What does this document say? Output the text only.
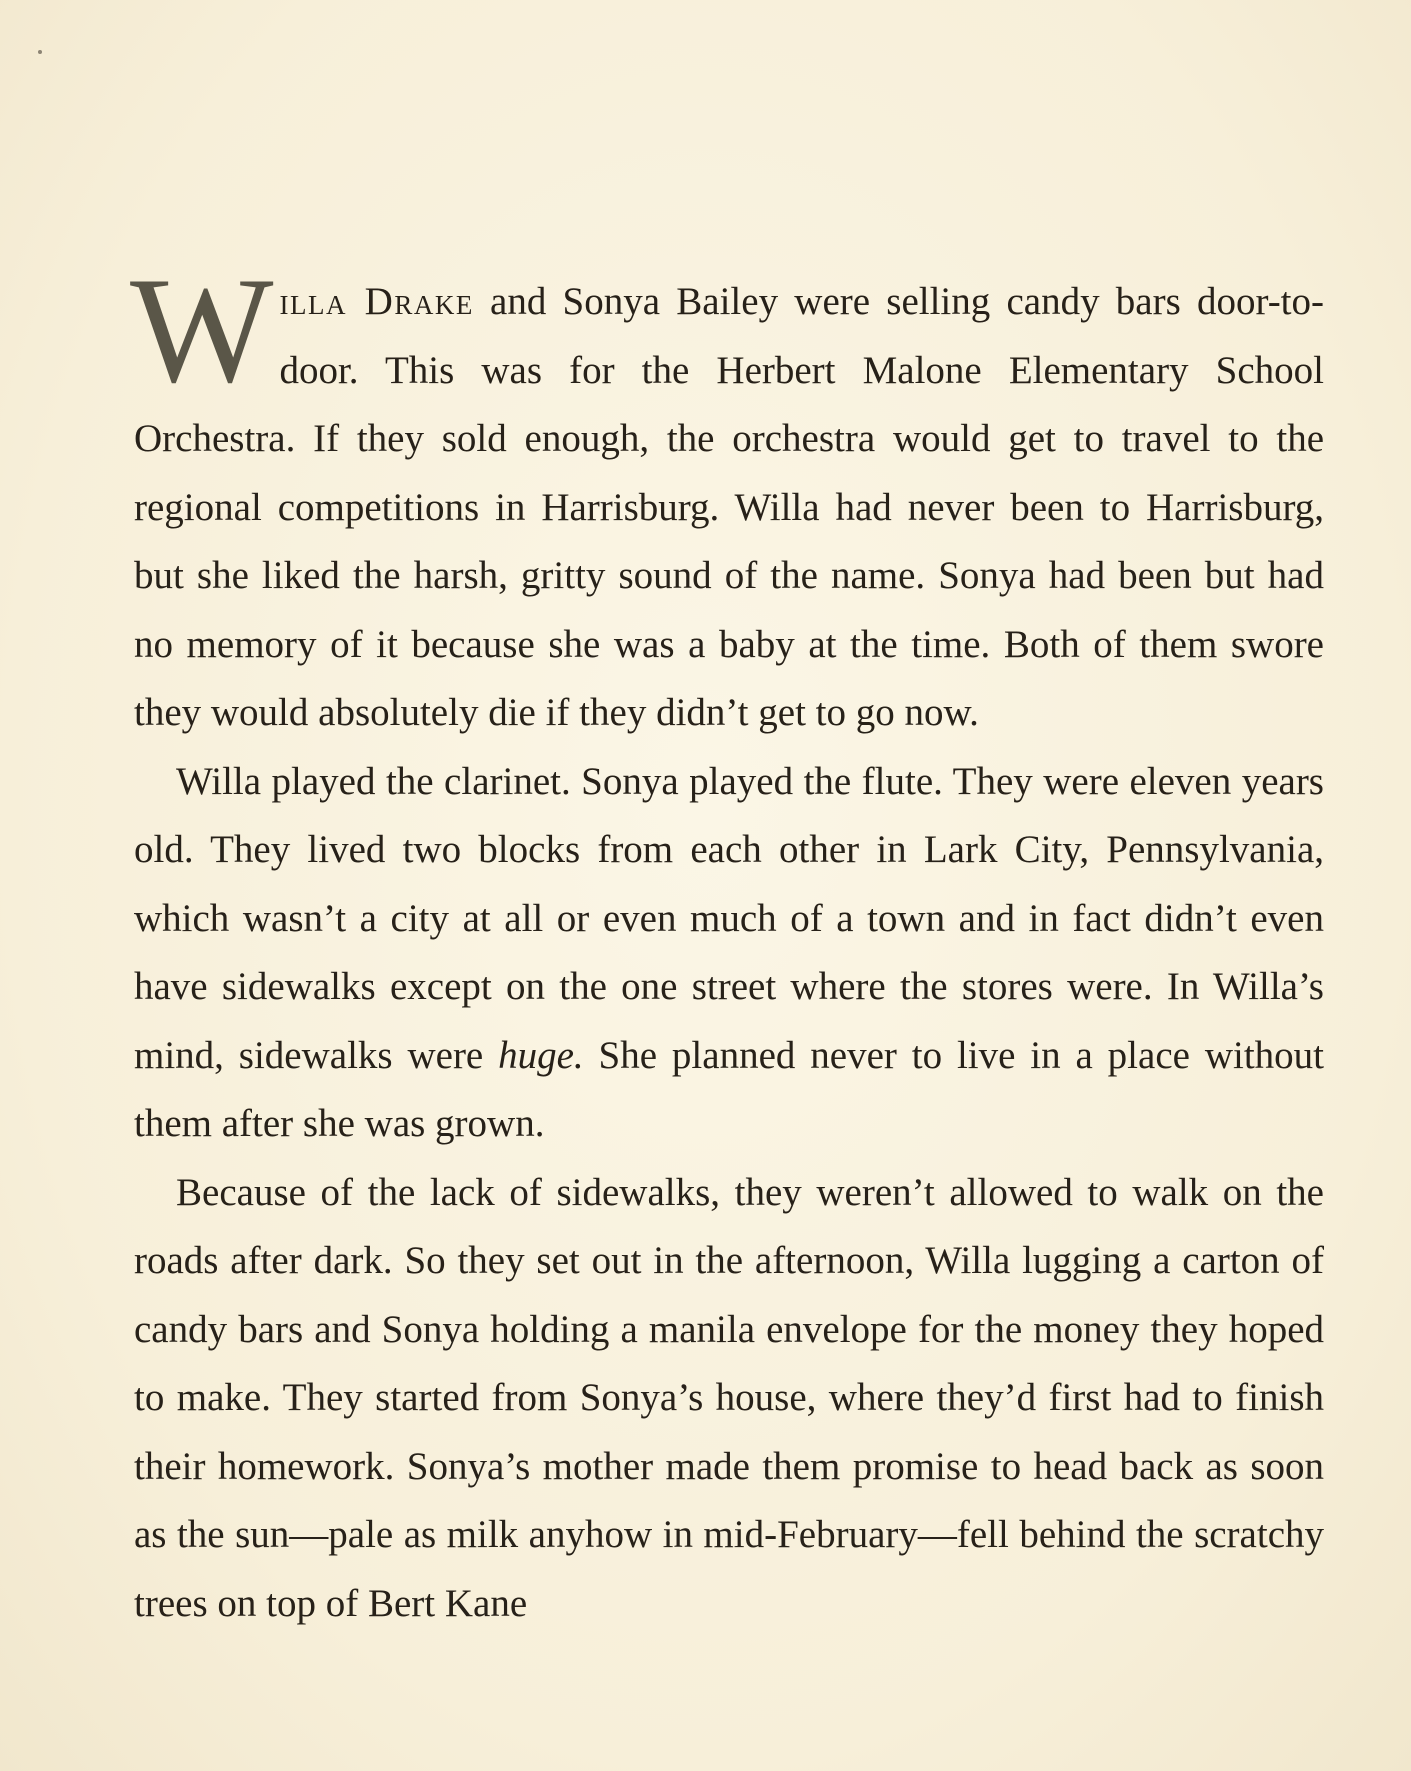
Willa Drake and Sonya Bailey were selling candy bars door-to-door. This was for the Herbert Malone Elementary School Orchestra. If they sold enough, the orchestra would get to travel to the regional competitions in Harrisburg. Willa had never been to Harrisburg, but she liked the harsh, gritty sound of the name. Sonya had been but had no memory of it because she was a baby at the time. Both of them swore they would absolutely die if they didn’t get to go now.

Willa played the clarinet. Sonya played the flute. They were eleven years old. They lived two blocks from each other in Lark City, Pennsylvania, which wasn’t a city at all or even much of a town and in fact didn’t even have sidewalks except on the one street where the stores were. In Willa’s mind, sidewalks were huge. She planned never to live in a place without them after she was grown.

Because of the lack of sidewalks, they weren’t allowed to walk on the roads after dark. So they set out in the afternoon, Willa lugging a carton of candy bars and Sonya holding a manila envelope for the money they hoped to make. They started from Sonya’s house, where they’d first had to finish their homework. Sonya’s mother made them promise to head back as soon as the sun—pale as milk anyhow in mid-February—fell behind the scratchy trees on top of Bert Kane
